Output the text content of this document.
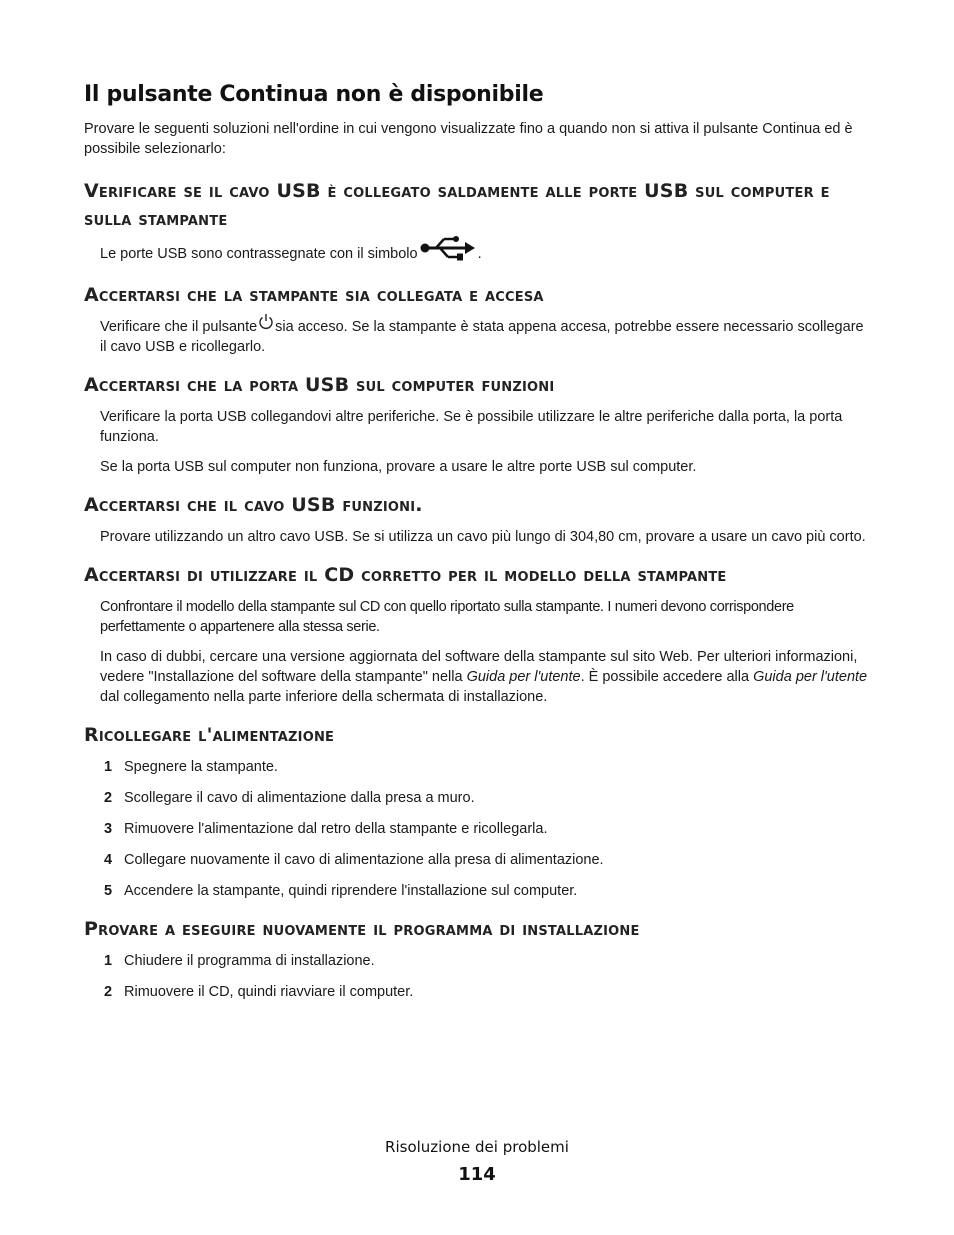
Il pulsante Continua non è disponibile

Provare le seguenti soluzioni nell'ordine in cui vengono visualizzate fino a quando non si attiva il pulsante Continua ed è possibile selezionarlo:

Verificare se il cavo USB è collegato saldamente alle porte USB sul computer e sulla stampante

Le porte USB sono contrassegnate con il simbolo	.

Accertarsi che la stampante sia collegata e accesa

Verificare che il pulsante sia acceso. Se la stampante è stata appena accesa, potrebbe essere necessario scollegare il cavo USB e ricollegarlo.

Accertarsi che la porta USB sul computer funzioni

Verificare la porta USB collegandovi altre periferiche. Se è possibile utilizzare le altre periferiche dalla porta, la porta funziona.

Se la porta USB sul computer non funziona, provare a usare le altre porte USB sul computer.

Accertarsi che il cavo USB funzioni.

Provare utilizzando un altro cavo USB. Se si utilizza un cavo più lungo di 304,80 cm, provare a usare un cavo più corto.

Accertarsi di utilizzare il CD corretto per il modello della stampante

Confrontare il modello della stampante sul CD con quello riportato sulla stampante. I numeri devono corrispondere perfettamente o appartenere alla stessa serie.

In caso di dubbi, cercare una versione aggiornata del software della stampante sul sito Web. Per ulteriori informazioni, vedere "Installazione del software della stampante" nella Guida per l'utente. È possibile accedere alla Guida per l'utente dal collegamento nella parte inferiore della schermata di installazione.

Ricollegare l'alimentazione
1 Spegnere la stampante.
2 Scollegare il cavo di alimentazione dalla presa a muro.
3 Rimuovere l'alimentazione dal retro della stampante e ricollegarla.
4 Collegare nuovamente il cavo di alimentazione alla presa di alimentazione.
5 Accendere la stampante, quindi riprendere l'installazione sul computer.
Provare a eseguire nuovamente il programma di installazione
1 Chiudere il programma di installazione.
2 Rimuovere il CD, quindi riavviare il computer.
Risoluzione dei problemi
114
